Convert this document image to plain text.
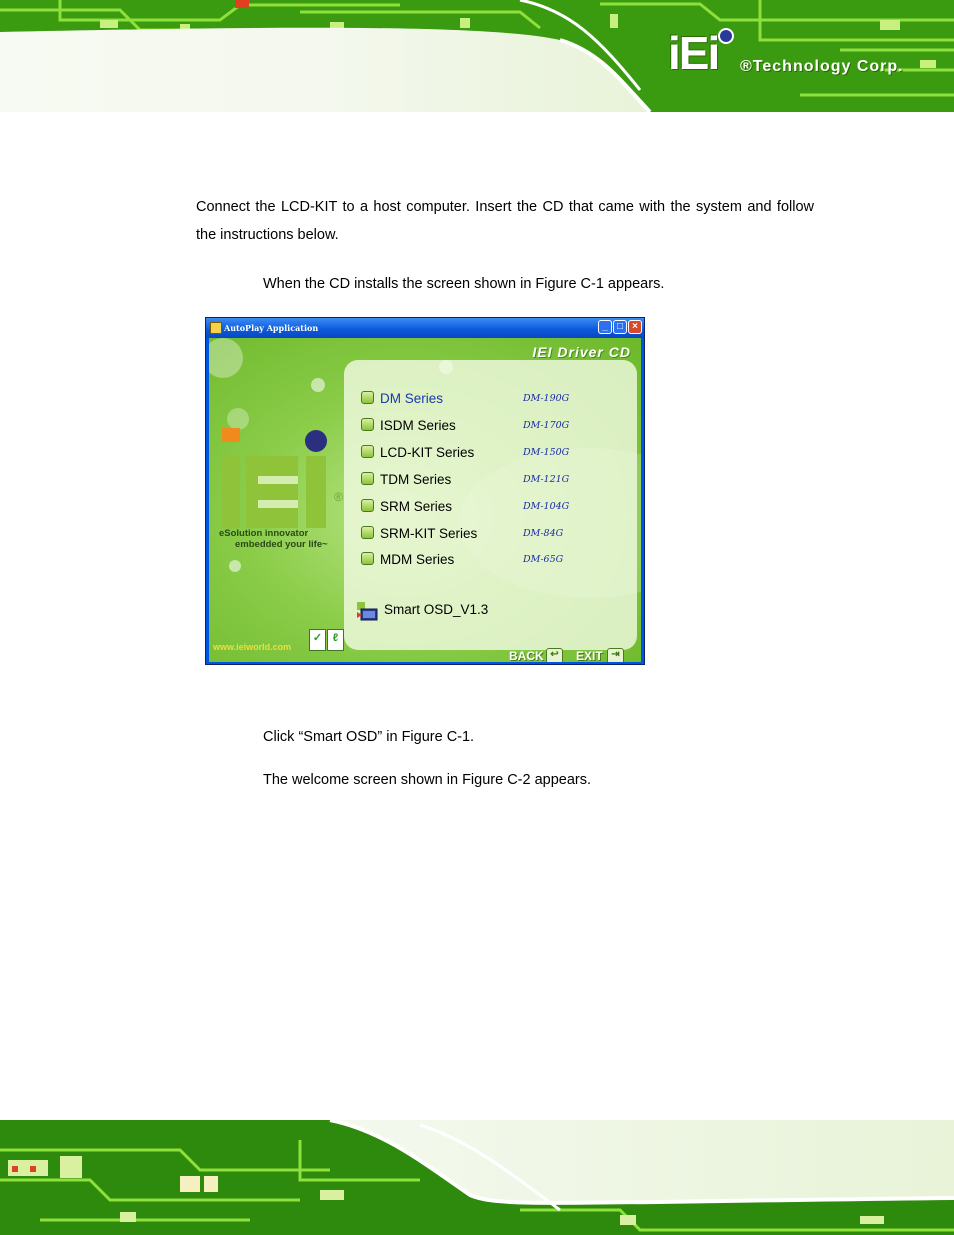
iEi ®Technology Corp.
Connect the LCD-KIT to a host computer. Insert the CD that came with the system and follow the instructions below.
When the CD installs the screen shown in Figure C-1 appears.
AutoPlay Application	_ □ ×
IEI Driver CD
®
eSolution innovator
embedded your life~
DM Series	DM-190G
ISDM Series	DM-170G
LCD-KIT Series	DM-150G
TDM Series	DM-121G
SRM Series	DM-104G
SRM-KIT Series	DM-84G
MDM Series	DM-65G
Smart OSD_V1.3
www.ieiworld.com
✓ ℓ
BACK ↩	EXIT ⇥
Click “Smart OSD” in Figure C-1.
The welcome screen shown in Figure C-2 appears.
